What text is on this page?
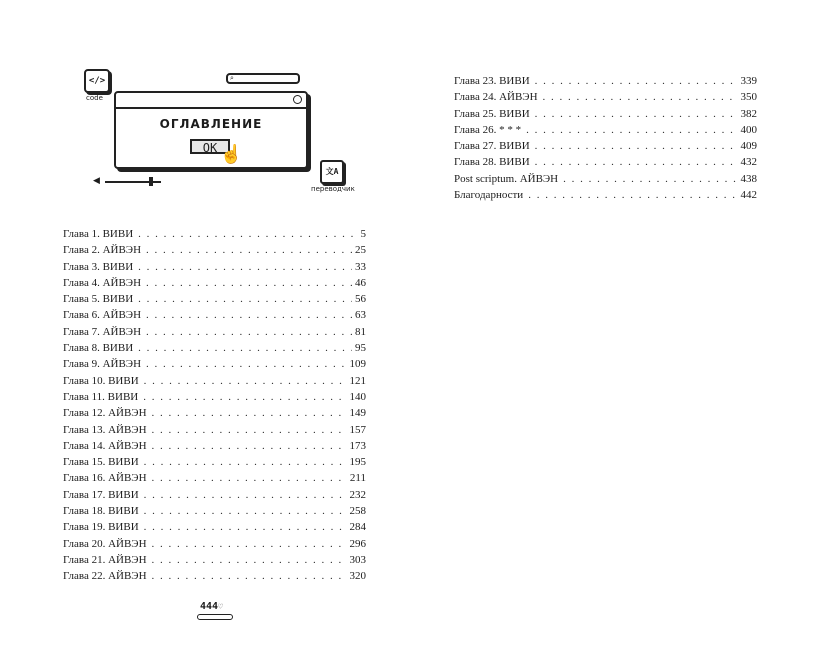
</>
code
⌕
ОГЛАВЛЕНИЕ
OK ☝
◀
文A
переводчик
Глава 1. ВИВИ . . .	5
Глава 2. АЙВЭН . . .	25
Глава 3. ВИВИ . . .	33
Глава 4. АЙВЭН . . .	46
Глава 5. ВИВИ . . .	56
Глава 6. АЙВЭН . . .	63
Глава 7. АЙВЭН . . .	81
Глава 8. ВИВИ . . .	95
Глава 9. АЙВЭН . . .	109
Глава 10. ВИВИ . . .	121
Глава 11. ВИВИ . . .	140
Глава 12. АЙВЭН . . .	149
Глава 13. АЙВЭН . . .	157
Глава 14. АЙВЭН . . .	173
Глава 15. ВИВИ . . .	195
Глава 16. АЙВЭН . . .	211
Глава 17. ВИВИ . . .	232
Глава 18. ВИВИ . . .	258
Глава 19. ВИВИ . . .	284
Глава 20. АЙВЭН . . .	296
Глава 21. АЙВЭН . . .	303
Глава 22. АЙВЭН . . .	320
Глава 23. ВИВИ . . .	339
Глава 24. АЙВЭН . . .	350
Глава 25. ВИВИ . . .	382
Глава 26. * * * . . .	400
Глава 27. ВИВИ . . .	409
Глава 28. ВИВИ . . .	432
Post scriptum. АЙВЭН . . .	438
Благодарности . . .	442
444♡
